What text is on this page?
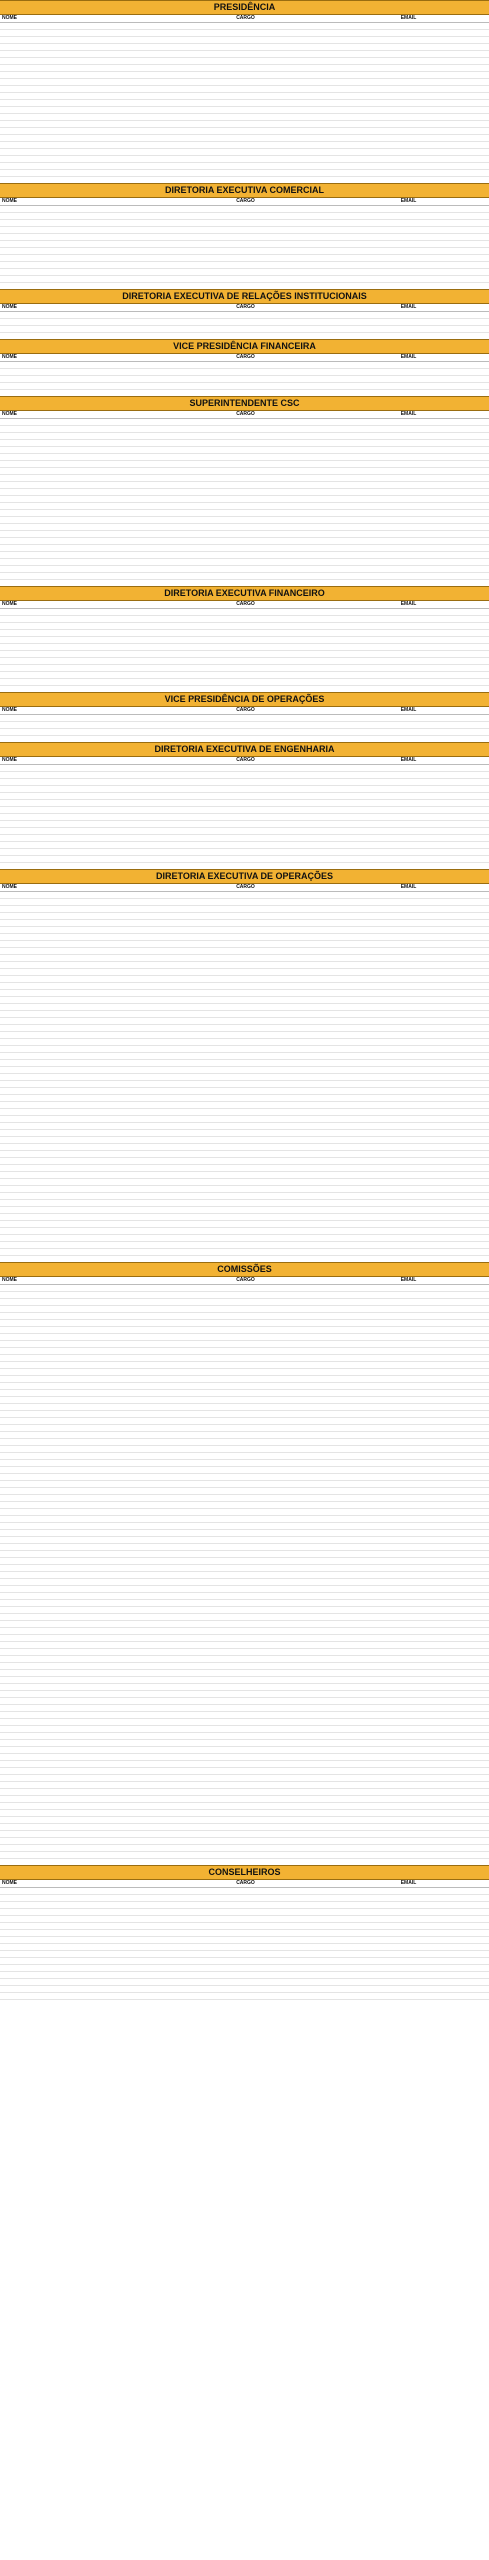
PRESIDÊNCIA
NOME	CARGO	EMAIL
DIRETORIA EXECUTIVA COMERCIAL
NOME	CARGO	EMAIL
DIRETORIA EXECUTIVA DE RELAÇÕES INSTITUCIONAIS
NOME	CARGO	EMAIL
VICE PRESIDÊNCIA FINANCEIRA
NOME	CARGO	EMAIL
SUPERINTENDENTE CSC
NOME	CARGO	EMAIL
DIRETORIA EXECUTIVA FINANCEIRO
NOME	CARGO	EMAIL
VICE PRESIDÊNCIA DE OPERAÇÕES
NOME	CARGO	EMAIL
DIRETORIA EXECUTIVA DE ENGENHARIA
NOME	CARGO	EMAIL
DIRETORIA EXECUTIVA DE OPERAÇÕES
NOME	CARGO	EMAIL
COMISSÕES
NOME	CARGO	EMAIL
CONSELHEIROS
NOME	CARGO	EMAIL
